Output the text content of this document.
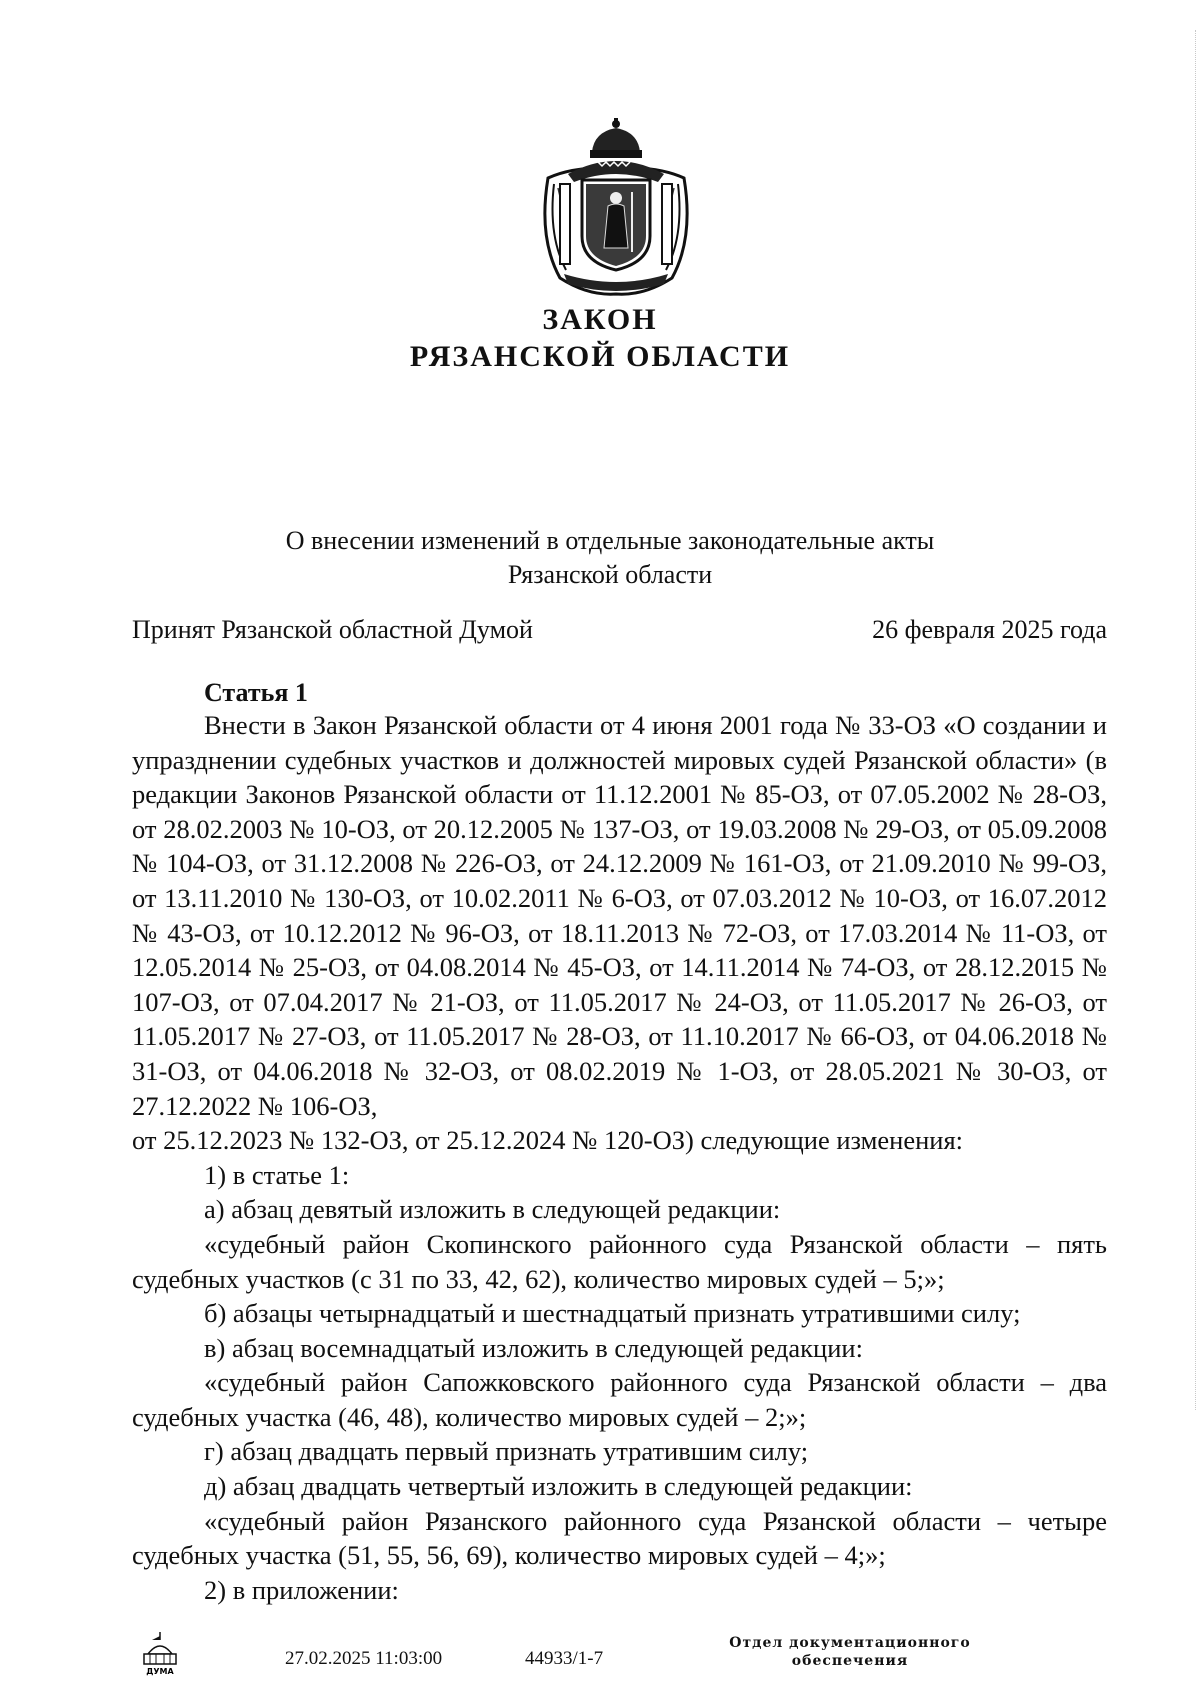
ЗАКОН
РЯЗАНСКОЙ ОБЛАСТИ
О внесении изменений в отдельные законодательные акты
Рязанской области
Принят Рязанской областной Думой	26 февраля 2025 года
Статья 1

Внести в Закон Рязанской области от 4 июня 2001 года № 33-ОЗ «О создании и упразднении судебных участков и должностей мировых судей Рязанской области» (в редакции Законов Рязанской области от 11.12.2001 № 85-ОЗ, от 07.05.2002 № 28-ОЗ, от 28.02.2003 № 10-ОЗ, от 20.12.2005 № 137-ОЗ, от 19.03.2008 № 29-ОЗ, от 05.09.2008 № 104-ОЗ, от 31.12.2008 № 226-ОЗ, от 24.12.2009 № 161-ОЗ, от 21.09.2010 № 99-ОЗ, от 13.11.2010 № 130-ОЗ, от 10.02.2011 № 6-ОЗ, от 07.03.2012 № 10-ОЗ, от 16.07.2012 № 43-ОЗ, от 10.12.2012 № 96-ОЗ, от 18.11.2013 № 72-ОЗ, от 17.03.2014 № 11-ОЗ, от 12.05.2014 № 25-ОЗ, от 04.08.2014 № 45-ОЗ, от 14.11.2014 № 74-ОЗ, от 28.12.2015 № 107-ОЗ, от 07.04.2017 № 21-ОЗ, от 11.05.2017 № 24-ОЗ, от 11.05.2017 № 26-ОЗ, от 11.05.2017 № 27-ОЗ, от 11.05.2017 № 28-ОЗ, от 11.10.2017 № 66-ОЗ, от 04.06.2018 № 31-ОЗ, от 04.06.2018 № 32-ОЗ, от 08.02.2019 № 1-ОЗ, от 28.05.2021 № 30-ОЗ, от 27.12.2022 № 106-ОЗ,

от 25.12.2023 № 132-ОЗ, от 25.12.2024 № 120-ОЗ) следующие изменения:

1) в статье 1:

а) абзац девятый изложить в следующей редакции:

«судебный район Скопинского районного суда Рязанской области – пять судебных участков (с 31 по 33, 42, 62), количество мировых судей – 5;»;

б) абзацы четырнадцатый и шестнадцатый признать утратившими силу;

в) абзац восемнадцатый изложить в следующей редакции:

«судебный район Сапожковского районного суда Рязанской области – два судебных участка (46, 48), количество мировых судей – 2;»;

г) абзац двадцать первый признать утратившим силу;

д) абзац двадцать четвертый изложить в следующей редакции:

«судебный район Рязанского районного суда Рязанской области – четыре судебных участка (51, 55, 56, 69), количество мировых судей – 4;»;

2) в приложении:

ДУМА
27.02.2025 11:03:00	44933/1-7
Отдел документационного
обеспечения
